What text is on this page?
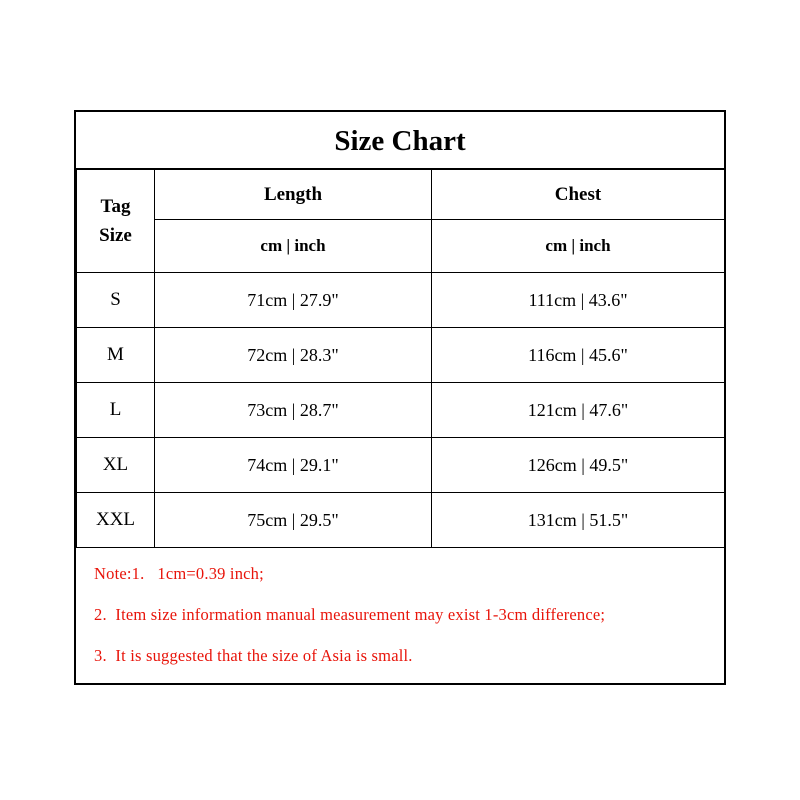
Size Chart
Tag
Size	Length	Chest
	cm | inch	cm | inch
S	71cm | 27.9"	111cm | 43.6"
M	72cm | 28.3"	116cm | 45.6"
L	73cm | 28.7"	121cm | 47.6"
XL	74cm | 29.1"	126cm | 49.5"
XXL	75cm | 29.5"	131cm | 51.5"
Note:1.   1cm=0.39 inch;
2.  Item size information manual measurement may exist 1-3cm difference;
3.  It is suggested that the size of Asia is small.
